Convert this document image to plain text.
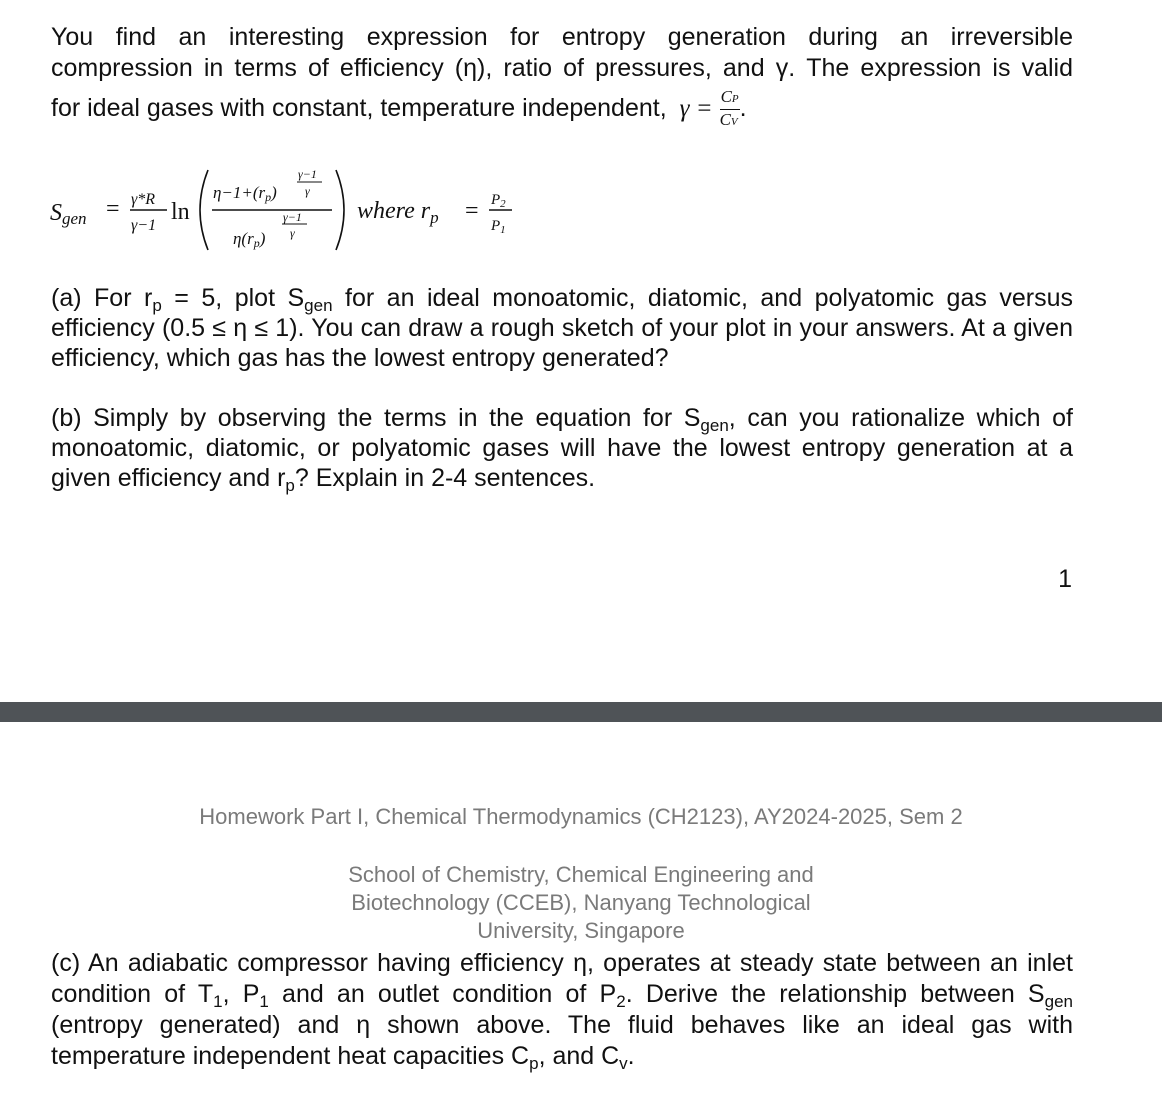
You find an interesting expression for entropy generation during an irreversible
compression in terms of efficiency (η), ratio of pressures, and γ. The expression is valid
for ideal gases with constant, temperature independent, $\gamma = \frac{CP}{CV}$ .
Sgen = γ*R
γ−1
ln
η−1+(rp)
γ−1
γ
γ−1
γ
η(rp)
where $r_p = P_2$
$P_1$
(a) For $r_p = 5$, plot $S_{gen}$ for an ideal monoatomic, diatomic, and polyatomic gas versus efficiency (0.5 ≤ η ≤ 1). You can draw a rough sketch of your plot in your answers. At a given efficiency, which gas has the lowest entropy generated?
(b) Simply by observing the terms in the equation for $S_{gen}$, can you rationalize which of monoatomic, diatomic, or polyatomic gases will have the lowest entropy generation at a given efficiency and $r_p$? Explain in 2-4 sentences.
1
Homework Part I, Chemical Thermodynamics (CH2123), AY2024-2025, Sem 2
School of Chemistry, Chemical Engineering and Biotechnology (CCEB), Nanyang Technological University, Singapore
(c) An adiabatic compressor having efficiency η, operates at steady state between an inlet condition of $T_1$, $P_1$ and an outlet condition of $P_2$. Derive the relationship between $S_{gen}$ (entropy generated) and η shown above. The fluid behaves like an ideal gas with temperature independent heat capacities $C_p$, and $C_v$.
